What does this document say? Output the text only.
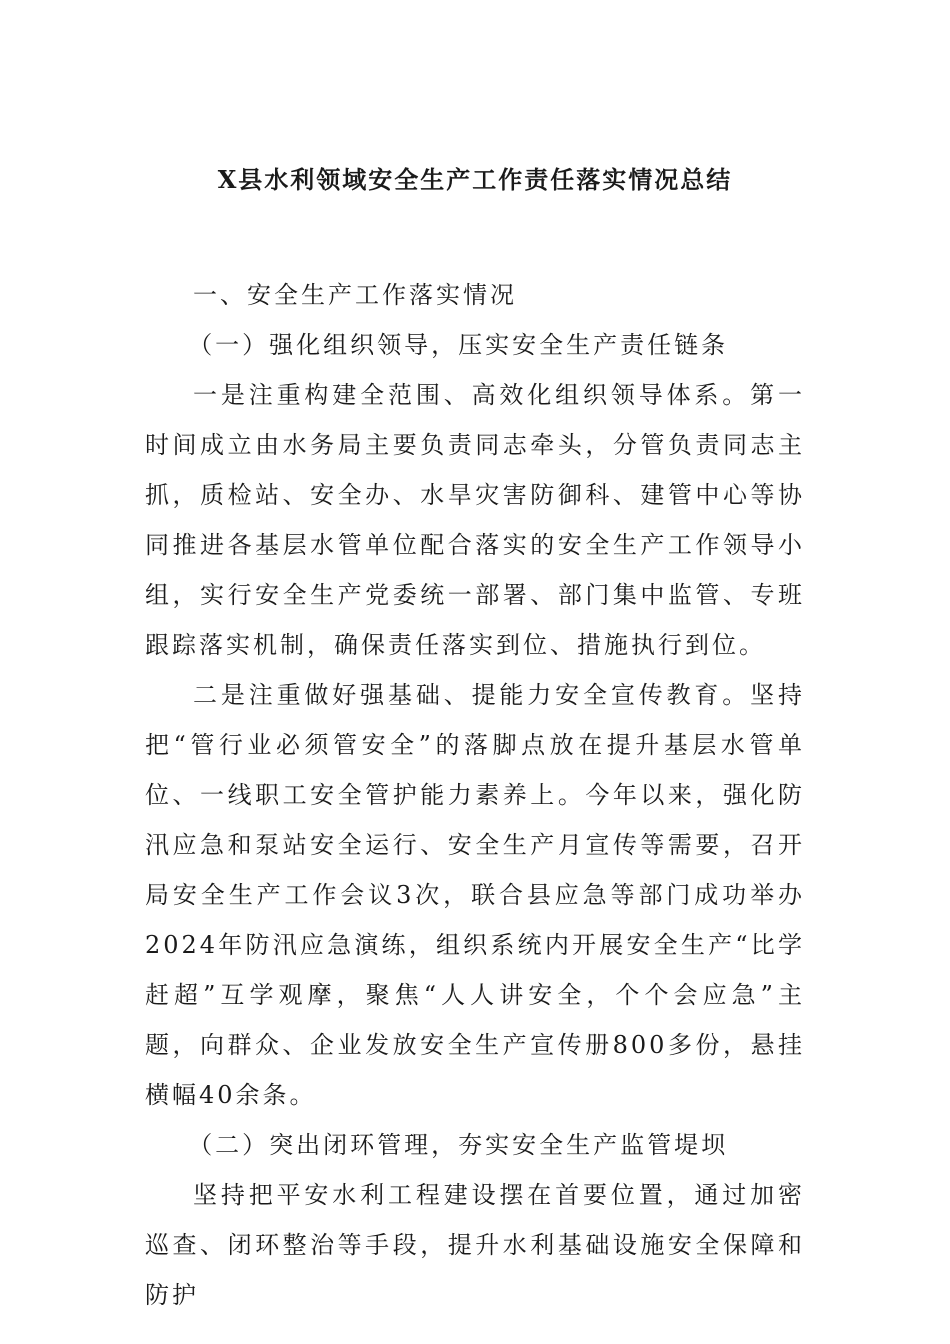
X县水利领域安全生产工作责任落实情况总结

一、安全生产工作落实情况

（一）强化组织领导，压实安全生产责任链条

一是注重构建全范围、高效化组织领导体系。第一时间成立由水务局主要负责同志牵头，分管负责同志主抓，质检站、安全办、水旱灾害防御科、建管中心等协同推进各基层水管单位配合落实的安全生产工作领导小组，实行安全生产党委统一部署、部门集中监管、专班跟踪落实机制，确保责任落实到位、措施执行到位。

二是注重做好强基础、提能力安全宣传教育。坚持把“管行业必须管安全”的落脚点放在提升基层水管单位、一线职工安全管护能力素养上。今年以来，强化防汛应急和泵站安全运行、安全生产月宣传等需要，召开局安全生产工作会议3次，联合县应急等部门成功举办2024年防汛应急演练，组织系统内开展安全生产“比学赶超”互学观摩，聚焦“人人讲安全，个个会应急”主题，向群众、企业发放安全生产宣传册800多份，悬挂横幅40余条。

（二）突出闭环管理，夯实安全生产监管堤坝

坚持把平安水利工程建设摆在首要位置，通过加密巡查、闭环整治等手段，提升水利基础设施安全保障和防护
